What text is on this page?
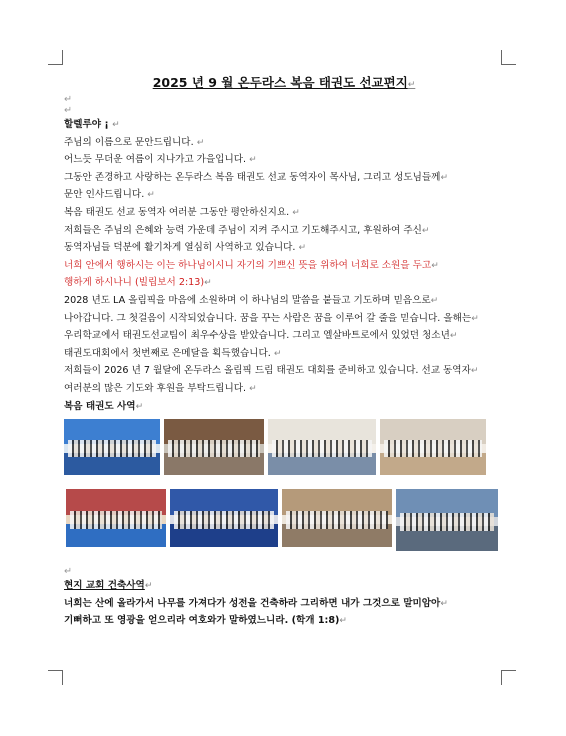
2025 년 9 월 온두라스 복음 태권도 선교편지↵
↵
↵
할렐루야 ¡ ↵
주님의 이름으로 문안드립니다. ↵
어느듯 무더운 여름이 지나가고 가을입니다. ↵
그동안 존경하고 사랑하는 온두라스 복음 태권도 선교 동역자이 목사님, 그리고 성도님들께↵
문안 인사드립니다. ↵
복음 태권도 선교 동역자 여러분 그동안 평안하신지요. ↵
저희들은 주님의 은혜와 능력 가운데 주님이 지켜 주시고 기도해주시고, 후원하여 주신↵
동역자님들 덕분에 활기차게 열심히 사역하고 있습니다. ↵
너희 안에서 행하시는 이는 하나님이시니 자기의 기쁘신 뜻을 위하여 너희로 소원을 두고↵
행하게 하시나니 (빌립보서 2:13)↵
2028 년도 LA 올림픽을 마음에 소원하며 이 하나님의 말씀을 붙들고 기도하며 믿음으로↵
나아갑니다. 그 첫걸음이 시작되었습니다. 꿈을 꾸는 사람은 꿈을 이루어 갈 줄을 믿습니다. 올해는↵
우리학교에서 태권도선교팀이 최우수상을 받았습니다. 그리고 엘살바트로에서 있었던 청소년↵
태권도대회에서 첫번째로 은메달을 획득했습니다. ↵
저희들이 2026 년 7 월달에 온두라스 올림픽 드림 태권도 대회를 준비하고 있습니다. 선교 동역자↵
여러분의 많은 기도와 후원을 부탁드립니다. ↵
복음 태권도 사역↵
↵
현지 교회 건축사역↵
너희는 산에 올라가서 나무를 가져다가 성전을 건축하라 그리하면 내가 그것으로 말미암아↵
기뻐하고 또 영광을 얻으리라 여호와가 말하였느니라. (학개 1:8)↵
